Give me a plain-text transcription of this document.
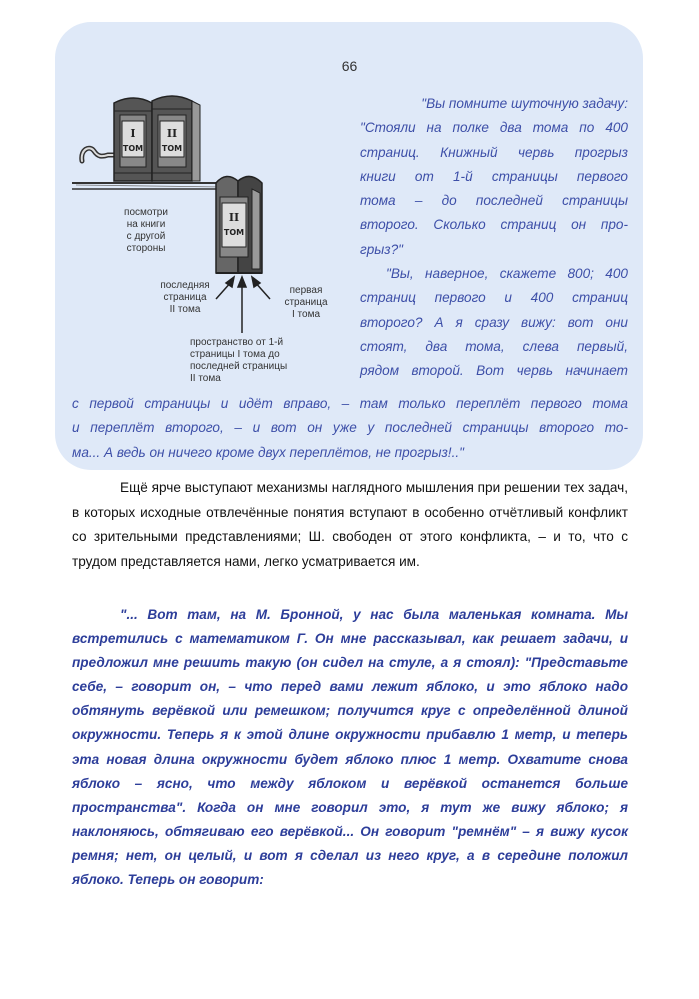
66
I
ТОМ
II
ТОМ
II
ТОМ
посмотри
на книги
с другой
стороны
последняя
страница
II тома
первая
страница
I тома
пространство от 1-й
страницы I тома до
последней страницы
II тома

"Вы помните шуточную задачу:

"Стояли на полке два тома по 400

страниц. Книжный червь прогрыз

книги от 1-й страницы первого

тома – до последней страницы

второго. Сколько страниц он про-

грыз?"

"Вы, наверное, скажете 800; 400

страниц первого и 400 страниц

второго? А я сразу вижу: вот они

стоят, два тома, слева первый,

рядом второй. Вот червь начинает

с первой страницы и идёт вправо, – там только переплёт первого тома
и переплёт второго, – и вот он уже у последней страницы второго то-
ма... А ведь он ничего кроме двух переплётов, не прогрыз!.."

Ещё ярче выступают механизмы наглядного мышления при решении тех задач, в которых исходные отвлечённые понятия вступают в особенно отчётливый конфликт со зрительными представлениями; Ш. свободен от этого конфликта, – и то, что с трудом представляется нами, легко усматривается им.

"... Вот там, на М. Бронной, у нас была маленькая комната. Мы встретились с математиком Г. Он мне рассказывал, как решает задачи, и предложил мне решить такую (он сидел на стуле, а я стоял): "Представьте себе, – говорит он, – что перед вами лежит яблоко, и это яблоко надо обтянуть верёвкой или ремешком; получится круг с определённой длиной окружности. Теперь я к этой длине окружности прибавлю 1 метр, и теперь эта новая длина окружности будет яблоко плюс 1 метр. Охватите снова яблоко – ясно, что между яблоком и верёвкой останется больше пространства". Когда он мне говорил это, я тут же вижу яблоко; я наклоняюсь, обтягиваю его верёвкой... Он говорит "ремнём" – я вижу кусок ремня; нет, он целый, и вот я сделал из него круг, а в середине положил яблоко. Теперь он говорит:
